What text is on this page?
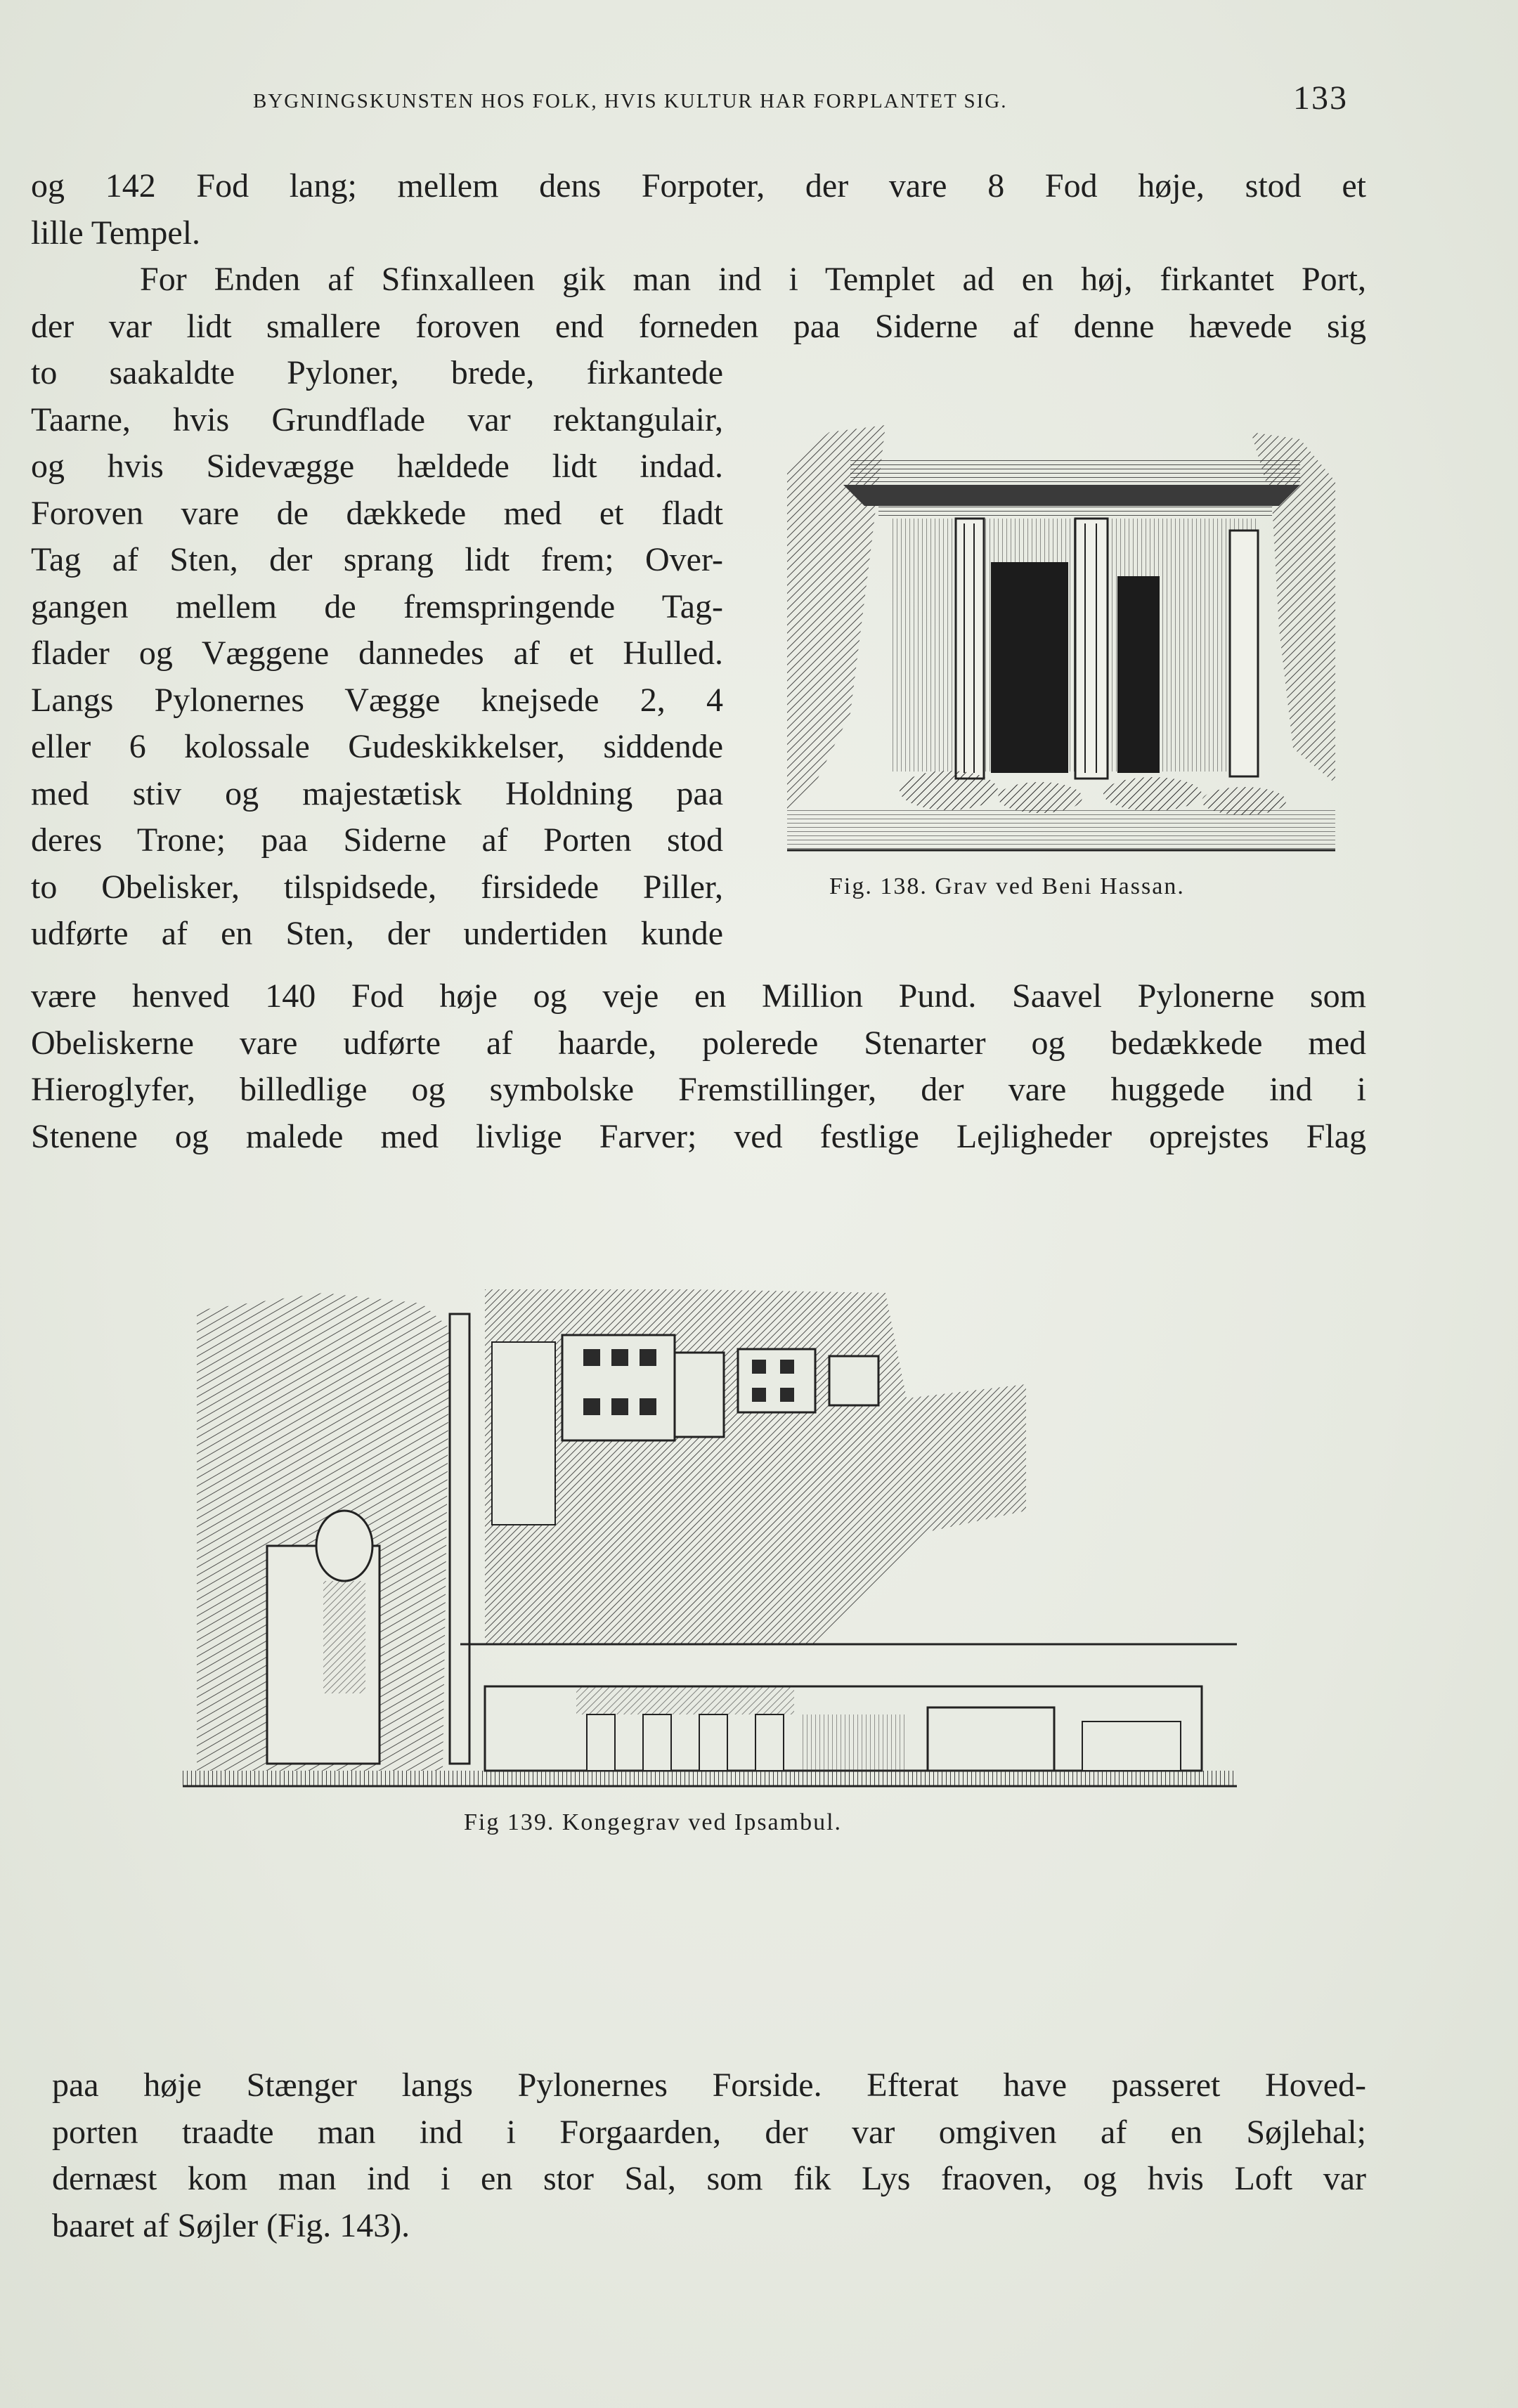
BYGNINGSKUNSTEN HOS FOLK, HVIS KULTUR HAR FORPLANTET SIG.	133
og 142 Fod lang; mellem dens Forpoter, der vare 8 Fod høje, stod et
lille Tempel.
For Enden af Sfinxalleen gik man ind i Templet ad en høj, firkantet Port,
der var lidt smallere foroven end forneden paa Siderne af denne hævede sig
to saakaldte Pyloner, brede, firkantede
Taarne, hvis Grundflade var rektangulair,
og hvis Sidevægge hældede lidt indad.
Foroven vare de dækkede med et fladt
Tag af Sten, der sprang lidt frem; Over-
gangen mellem de fremspringende Tag-
flader og Væggene dannedes af et Hulled.
Langs Pylonernes Vægge knejsede 2, 4
eller 6 kolossale Gudeskikkelser, siddende
med stiv og majestætisk Holdning paa
deres Trone; paa Siderne af Porten stod
to Obelisker, tilspidsede, firsidede Piller,
udførte af en Sten, der undertiden kunde
Fig. 138. Grav ved Beni Hassan.
være henved 140 Fod høje og veje en Million Pund. Saavel Pylonerne som
Obeliskerne vare udførte af haarde, polerede Stenarter og bedækkede med
Hieroglyfer, billedlige og symbolske Fremstillinger, der vare huggede ind i
Stenene og malede med livlige Farver; ved festlige Lejligheder oprejstes Flag
Fig 139. Kongegrav ved Ipsambul.
paa høje Stænger langs Pylonernes Forside. Efterat have passeret Hoved-
porten traadte man ind i Forgaarden, der var omgiven af en Søjlehal;
dernæst kom man ind i en stor Sal, som fik Lys fraoven, og hvis Loft var
baaret af Søjler (Fig. 143).
